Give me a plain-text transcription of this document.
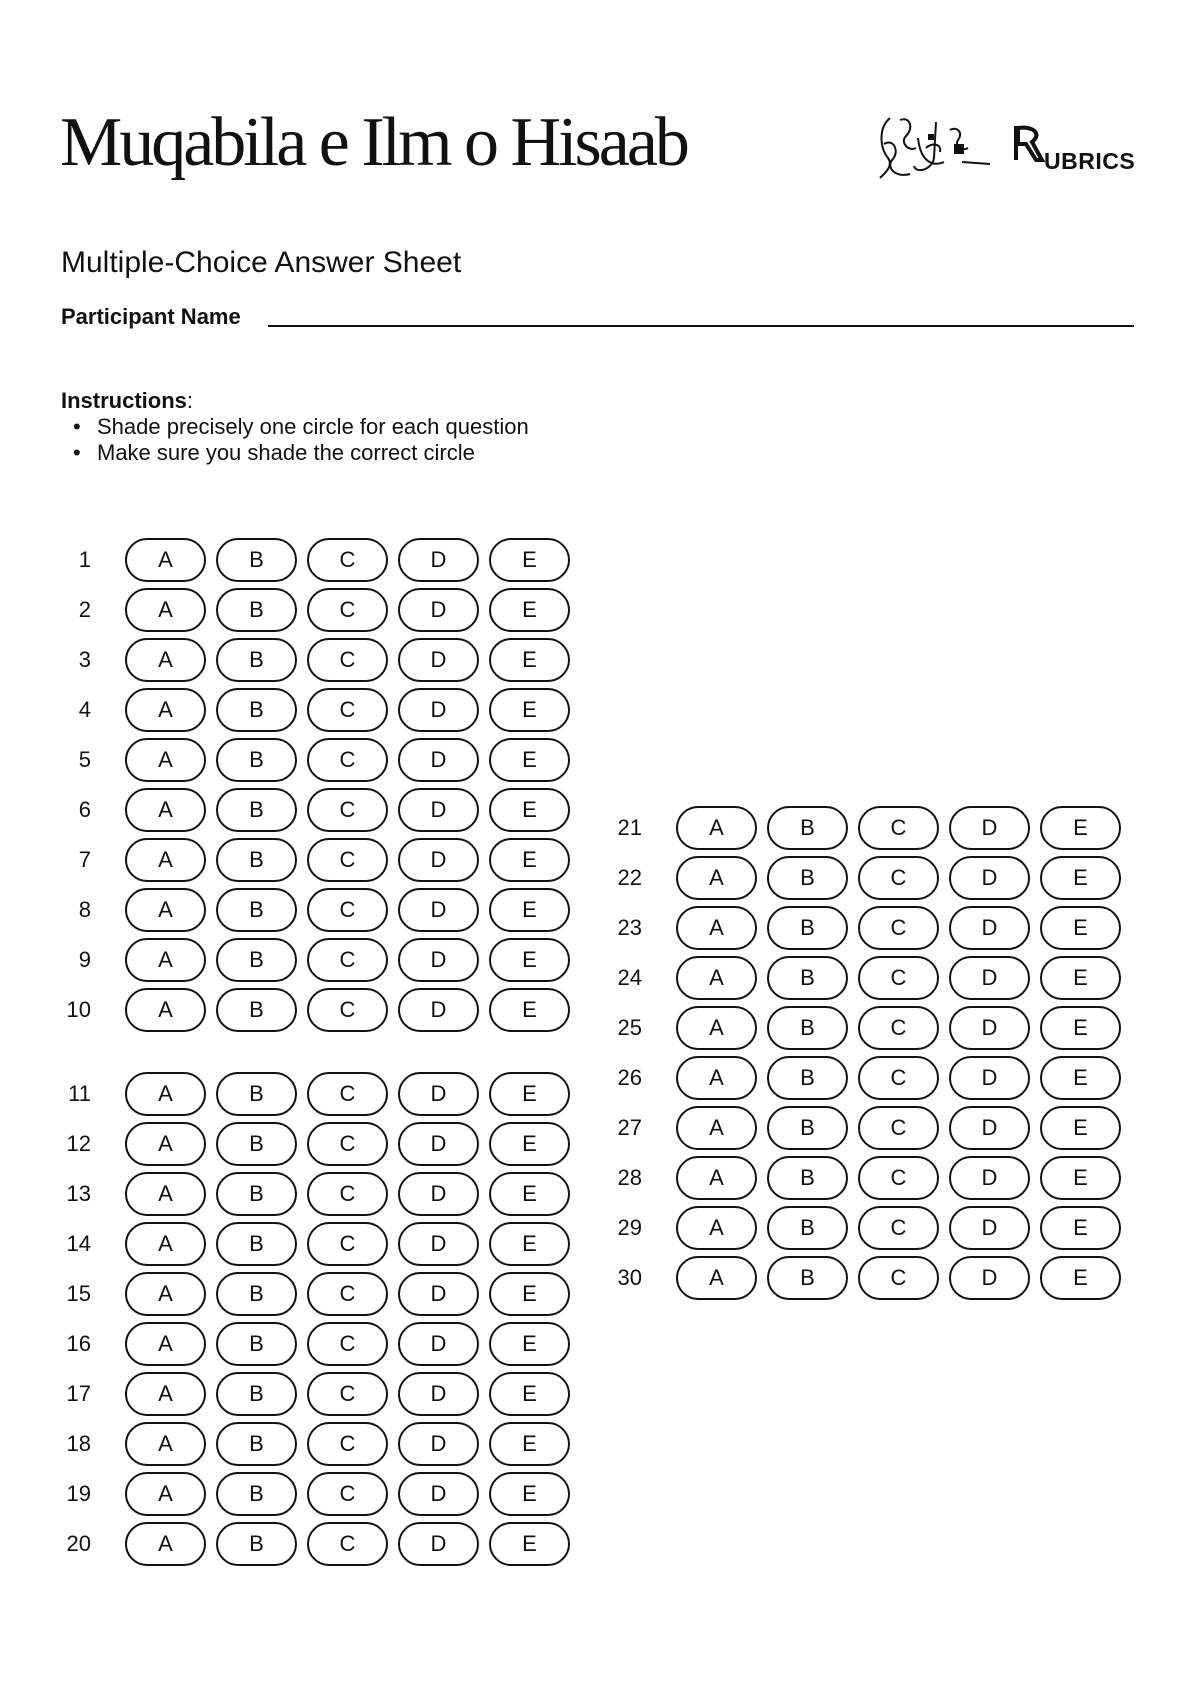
Muqabila e Ilm o Hisaab	UBRICS
Multiple-Choice Answer Sheet
Participant Name
Instructions:
• Shade precisely one circle for each question
• Make sure you shade the correct circle
1	A	B	C	D	E
2	A	B	C	D	E
3	A	B	C	D	E
4	A	B	C	D	E
5	A	B	C	D	E
6	A	B	C	D	E
7	A	B	C	D	E
8	A	B	C	D	E
9	A	B	C	D	E
10	A	B	C	D	E
11	A	B	C	D	E
12	A	B	C	D	E
13	A	B	C	D	E
14	A	B	C	D	E
15	A	B	C	D	E
16	A	B	C	D	E
17	A	B	C	D	E
18	A	B	C	D	E
19	A	B	C	D	E
20	A	B	C	D	E
21	A	B	C	D	E
22	A	B	C	D	E
23	A	B	C	D	E
24	A	B	C	D	E
25	A	B	C	D	E
26	A	B	C	D	E
27	A	B	C	D	E
28	A	B	C	D	E
29	A	B	C	D	E
30	A	B	C	D	E
